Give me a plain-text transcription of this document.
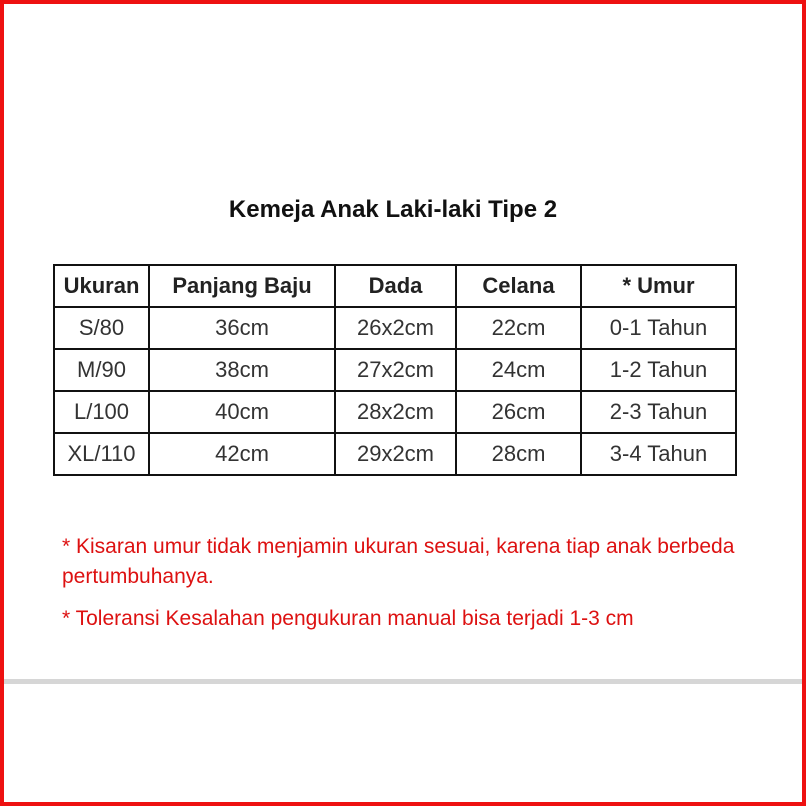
Kemeja Anak Laki-laki Tipe 2
Ukuran	Panjang Baju	Dada	Celana	* Umur
S/80	36cm	26x2cm	22cm	0-1 Tahun
M/90	38cm	27x2cm	24cm	1-2 Tahun
L/100	40cm	28x2cm	26cm	2-3 Tahun
XL/110	42cm	29x2cm	28cm	3-4 Tahun

* Kisaran umur tidak menjamin ukuran sesuai, karena tiap anak berbeda pertumbuhanya.

* Toleransi Kesalahan pengukuran manual bisa terjadi 1-3 cm
